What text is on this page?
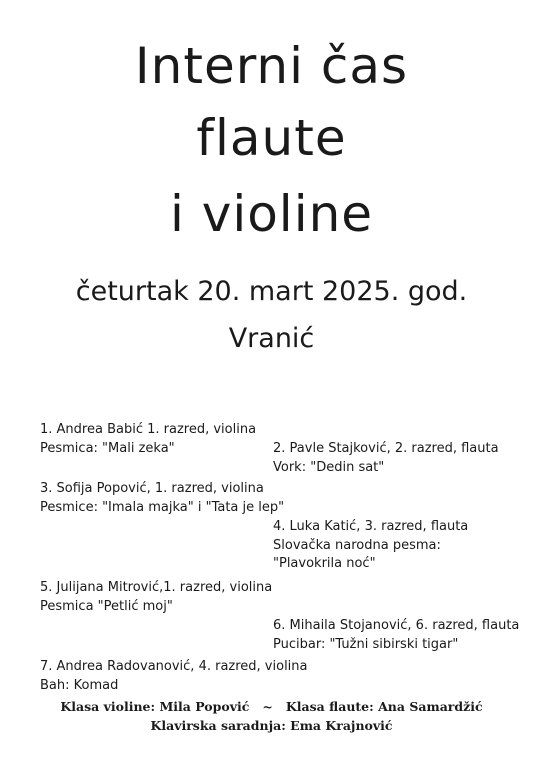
Interni čas
flaute
i violine
četurtak 20. mart 2025. god.
Vranić
1. Andrea Babić 1. razred, violina
Pesmica: "Mali zeka"	2. Pavle Stajković, 2. razred, flauta
Vork: "Dedin sat"
3. Sofija Popović, 1. razred, violina
Pesmice: "Imala majka" i "Tata je lep"
4. Luka Katić, 3. razred, flauta
Slovačka narodna pesma:
"Plavokrila noć"
5. Julijana Mitrović,1. razred, violina
Pesmica "Petlić moj"
6. Mihaila Stojanović, 6. razred, flauta
Pucibar: "Tužni sibirski tigar"
7. Andrea Radovanović, 4. razred, violina
Bah: Komad
Klasa violine: Mila Popović   ~   Klasa flaute: Ana Samardžić
Klavirska saradnja: Ema Krajnović
